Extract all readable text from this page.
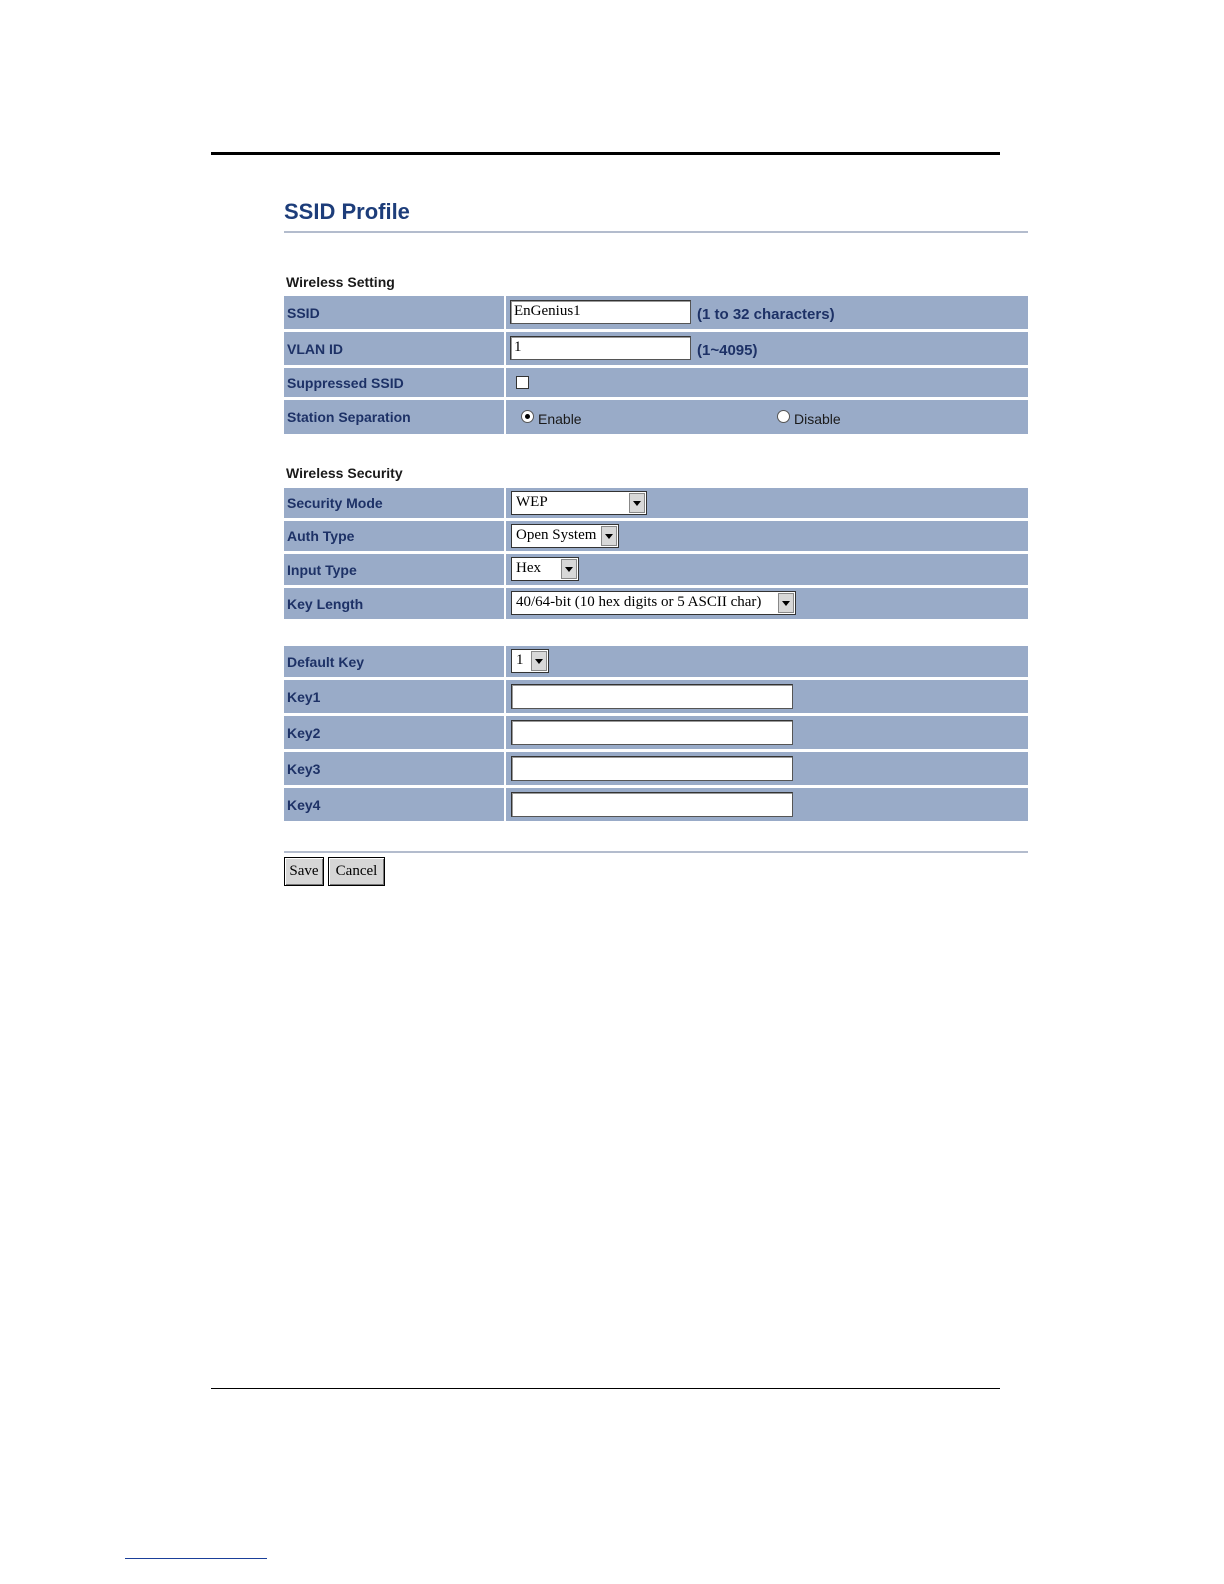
SSID Profile
Wireless Setting
SSID	EnGenius1	(1 to 32 characters)
VLAN ID	1	(1~4095)
Suppressed SSID
Station Separation	Enable	Disable
Wireless Security
Security Mode	WEP
Auth Type	Open System
Input Type	Hex
Key Length	40/64-bit (10 hex digits or 5 ASCII char)
Default Key	1
Key1
Key2
Key3
Key4
Save	Cancel
